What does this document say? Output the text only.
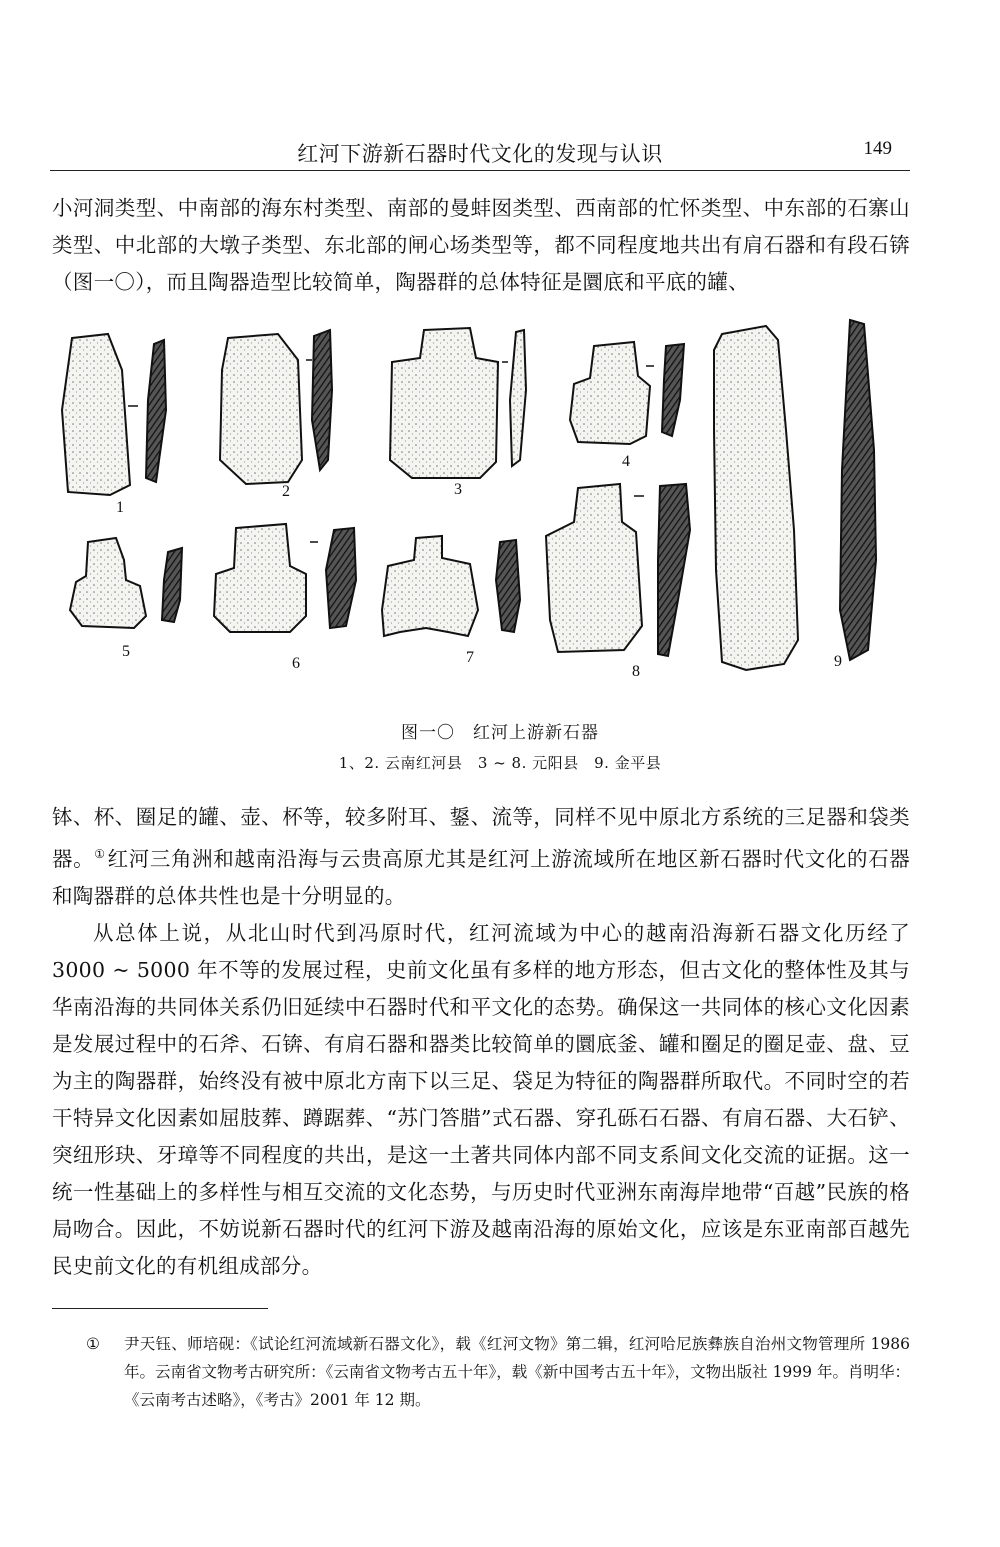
红河下游新石器时代文化的发现与认识	149
小河洞类型、中南部的海东村类型、南部的曼蚌囡类型、西南部的忙怀类型、中东部的石寨山类型、中北部的大墩子类型、东北部的闸心场类型等，都不同程度地共出有肩石器和有段石锛（图一〇），而且陶器造型比较简单，陶器群的总体特征是圜底和平底的罐、
1
2	3
4
5
6	7
8
9
图一〇　红河上游新石器
1、2. 云南红河县　3 ~ 8. 元阳县　9. 金平县
钵、杯、圈足的罐、壶、杯等，较多附耳、鋬、流等，同样不见中原北方系统的三足器和袋类器。①红河三角洲和越南沿海与云贵高原尤其是红河上游流域所在地区新石器时代文化的石器和陶器群的总体共性也是十分明显的。
从总体上说，从北山时代到冯原时代，红河流域为中心的越南沿海新石器文化历经了3000 ~ 5000 年不等的发展过程，史前文化虽有多样的地方形态，但古文化的整体性及其与华南沿海的共同体关系仍旧延续中石器时代和平文化的态势。确保这一共同体的核心文化因素是发展过程中的石斧、石锛、有肩石器和器类比较简单的圜底釜、罐和圈足的圈足壶、盘、豆为主的陶器群，始终没有被中原北方南下以三足、袋足为特征的陶器群所取代。不同时空的若干特异文化因素如屈肢葬、蹲踞葬、“苏门答腊”式石器、穿孔砾石石器、有肩石器、大石铲、突纽形玦、牙璋等不同程度的共出，是这一土著共同体内部不同支系间文化交流的证据。这一统一性基础上的多样性与相互交流的文化态势，与历史时代亚洲东南海岸地带“百越”民族的格局吻合。因此，不妨说新石器时代的红河下游及越南沿海的原始文化，应该是东亚南部百越先民史前文化的有机组成部分。
①	尹天钰、师培砚：《试论红河流域新石器文化》，载《红河文物》第二辑，红河哈尼族彝族自治州文物管理所 1986 年。云南省文物考古研究所：《云南省文物考古五十年》，载《新中国考古五十年》，文物出版社 1999 年。肖明华：《云南考古述略》，《考古》2001 年 12 期。
